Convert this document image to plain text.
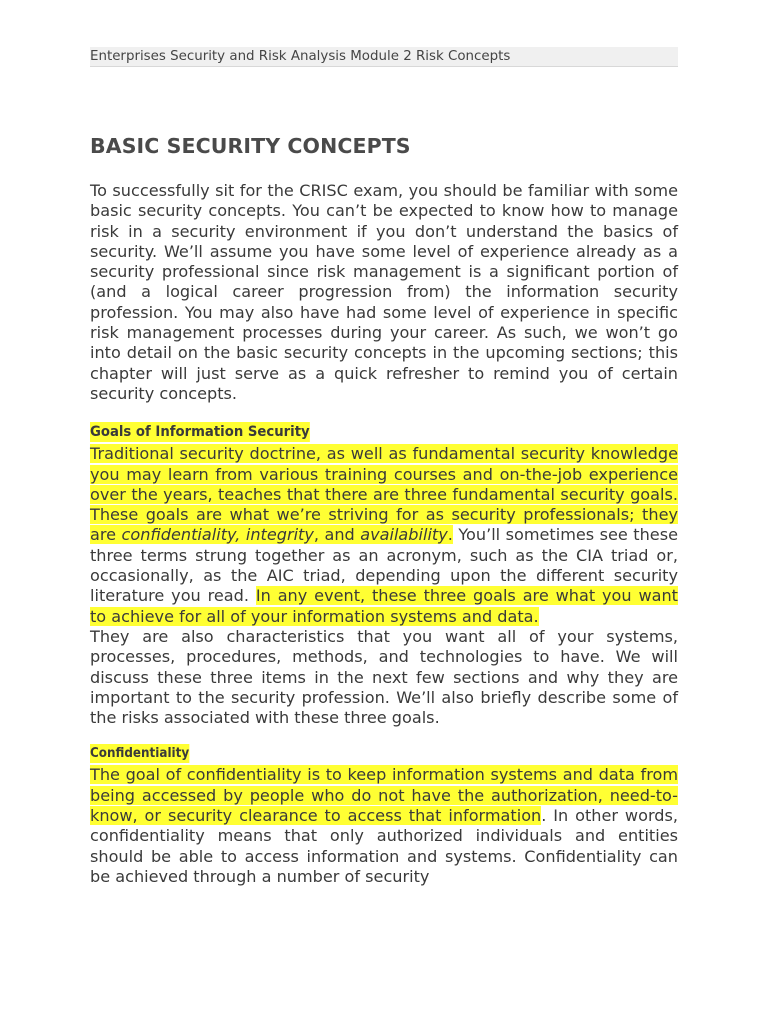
Enterprises Security and Risk Analysis Module 2 Risk Concepts
BASIC SECURITY CONCEPTS

To successfully sit for the CRISC exam, you should be familiar with some basic security concepts. You can’t be expected to know how to manage risk in a security environment if you don’t understand the basics of security. We’ll assume you have some level of experience already as a security professional since risk management is a significant portion of (and a logical career progression from) the information security profession. You may also have had some level of experience in specific risk management processes during your career. As such, we won’t go into detail on the basic security concepts in the upcoming sections; this chapter will just serve as a quick refresher to remind you of certain security concepts.

Goals of Information Security

Traditional security doctrine, as well as fundamental security knowledge you may learn from various training courses and on-the-job experience over the years, teaches that there are three fundamental security goals. These goals are what we’re striving for as security professionals; they are confidentiality, integrity, and availability. You’ll sometimes see these three terms strung together as an acronym, such as the CIA triad or, occasionally, as the AIC triad, depending upon the different security literature you read. In any event, these three goals are what you want to achieve for all of your information systems and data.

They are also characteristics that you want all of your systems, processes, procedures, methods, and technologies to have. We will discuss these three items in the next few sections and why they are important to the security profession. We’ll also briefly describe some of the risks associated with these three goals.

Confidentiality

The goal of confidentiality is to keep information systems and data from being accessed by people who do not have the authorization, need-to-know, or security clearance to access that information. In other words, confidentiality means that only authorized individuals and entities should be able to access information and systems. Confidentiality can be achieved through a number of security
